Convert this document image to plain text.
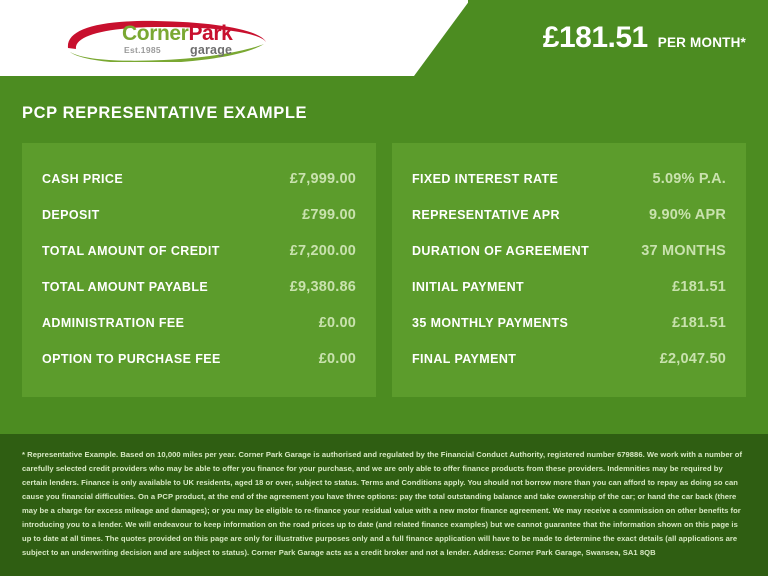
CornerPark
Est.1985 garage	£181.51 PER MONTH*
PCP REPRESENTATIVE EXAMPLE
CASH PRICE	£7,999.00
DEPOSIT	£799.00
TOTAL AMOUNT OF CREDIT	£7,200.00
TOTAL AMOUNT PAYABLE	£9,380.86
ADMINISTRATION FEE	£0.00
OPTION TO PURCHASE FEE	£0.00
FIXED INTEREST RATE	5.09% P.A.
REPRESENTATIVE APR	9.90% APR
DURATION OF AGREEMENT	37 MONTHS
INITIAL PAYMENT	£181.51
35 MONTHLY PAYMENTS	£181.51
FINAL PAYMENT	£2,047.50
* Representative Example. Based on 10,000 miles per year. Corner Park Garage is authorised and regulated by the Financial Conduct Authority, registered number 679886. We work with a number of carefully selected credit providers who may be able to offer you finance for your purchase, and we are only able to offer finance products from these providers. Indemnities may be required by certain lenders. Finance is only available to UK residents, aged 18 or over, subject to status. Terms and Conditions apply. You should not borrow more than you can afford to repay as doing so can cause you financial difficulties. On a PCP product, at the end of the agreement you have three options: pay the total outstanding balance and take ownership of the car; or hand the car back (there may be a charge for excess mileage and damages); or you may be eligible to re-finance your residual value with a new motor finance agreement. We may receive a commission on other benefits for introducing you to a lender. We will endeavour to keep information on the road prices up to date (and related finance examples) but we cannot guarantee that the information shown on this page is up to date at all times. The quotes provided on this page are only for illustrative purposes only and a full finance application will have to be made to determine the exact details (all applications are subject to an underwriting decision and are subject to status). Corner Park Garage acts as a credit broker and not a lender. Address: Corner Park Garage, Swansea, SA1 8QB
